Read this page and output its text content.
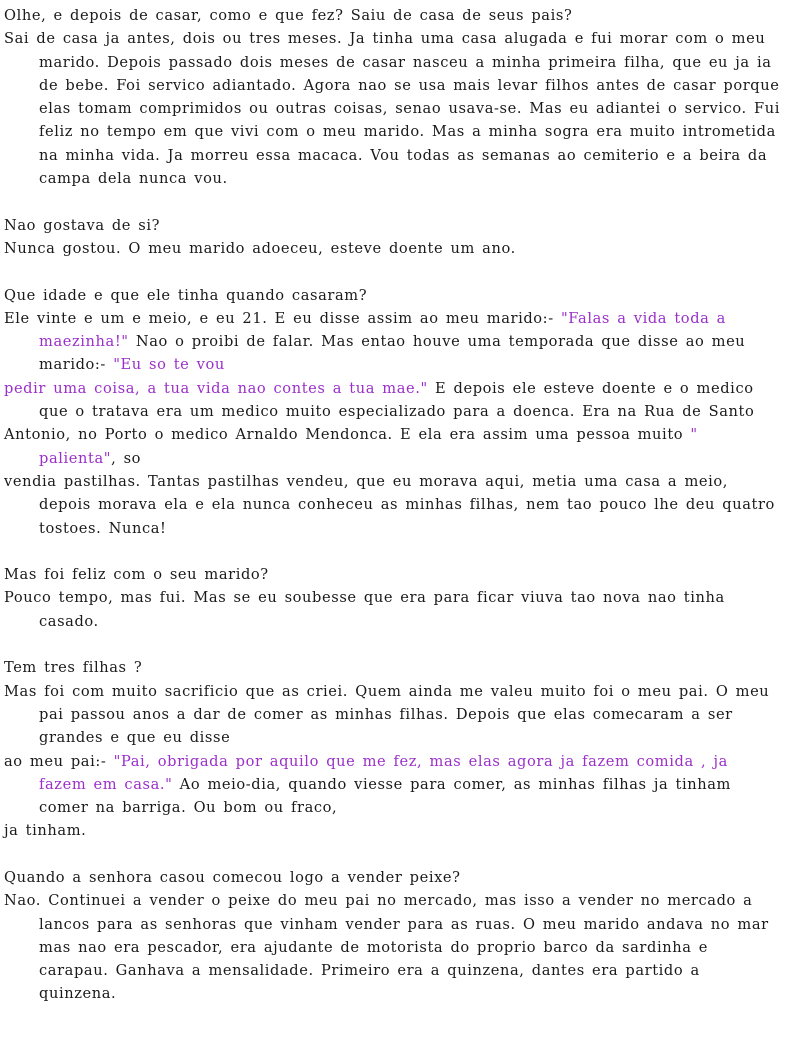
Olhe, e depois de casar, como e que fez? Saiu de casa de seus pais?

Sai de casa ja antes, dois ou tres meses. Ja tinha uma casa alugada e fui morar com o meu marido. Depois passado dois meses de casar nasceu a minha primeira filha, que eu ja ia de bebe. Foi servico adiantado. Agora nao se usa mais levar filhos antes de casar porque elas tomam comprimidos ou outras coisas, senao usava-se. Mas eu adiantei o servico. Fui feliz no tempo em que vivi com o meu marido. Mas a minha sogra era muito intrometida na minha vida. Ja morreu essa macaca. Vou todas as semanas ao cemiterio e a beira da campa dela nunca vou.

Nao gostava de si?

Nunca gostou. O meu marido adoeceu, esteve doente um ano.

Que idade e que ele tinha quando casaram?

Ele vinte e um e meio, e eu 21. E eu disse assim ao meu marido:- "Falas a vida toda a maezinha!" Nao o proibi de falar. Mas entao houve uma temporada que disse ao meu marido:- "Eu so te vou

pedir uma coisa, a tua vida nao contes a tua mae." E depois ele esteve doente e o medico que o tratava era um medico muito especializado para a doenca. Era na Rua de Santo

Antonio, no Porto o medico Arnaldo Mendonca. E ela era assim uma pessoa muito " palienta", so

vendia pastilhas. Tantas pastilhas vendeu, que eu morava aqui, metia uma casa a meio, depois morava ela e ela nunca conheceu as minhas filhas, nem tao pouco lhe deu quatro tostoes. Nunca!

Mas foi feliz com o seu marido?

Pouco tempo, mas fui. Mas se eu soubesse que era para ficar viuva tao nova nao tinha casado.

Tem tres filhas ?

Mas foi com muito sacrificio que as criei. Quem ainda me valeu muito foi o meu pai. O meu pai passou anos a dar de comer as minhas filhas. Depois que elas comecaram a ser grandes e que eu disse

ao meu pai:- "Pai, obrigada por aquilo que me fez, mas elas agora ja fazem comida , ja fazem em casa." Ao meio-dia, quando viesse para comer, as minhas filhas ja tinham comer na barriga. Ou bom ou fraco,

ja tinham.

Quando a senhora casou comecou logo a vender peixe?

Nao. Continuei a vender o peixe do meu pai no mercado, mas isso a vender no mercado a lancos para as senhoras que vinham vender para as ruas. O meu marido andava no mar mas nao era pescador, era ajudante de motorista do proprio barco da sardinha e carapau. Ganhava a mensalidade. Primeiro era a quinzena, dantes era partido a quinzena.
